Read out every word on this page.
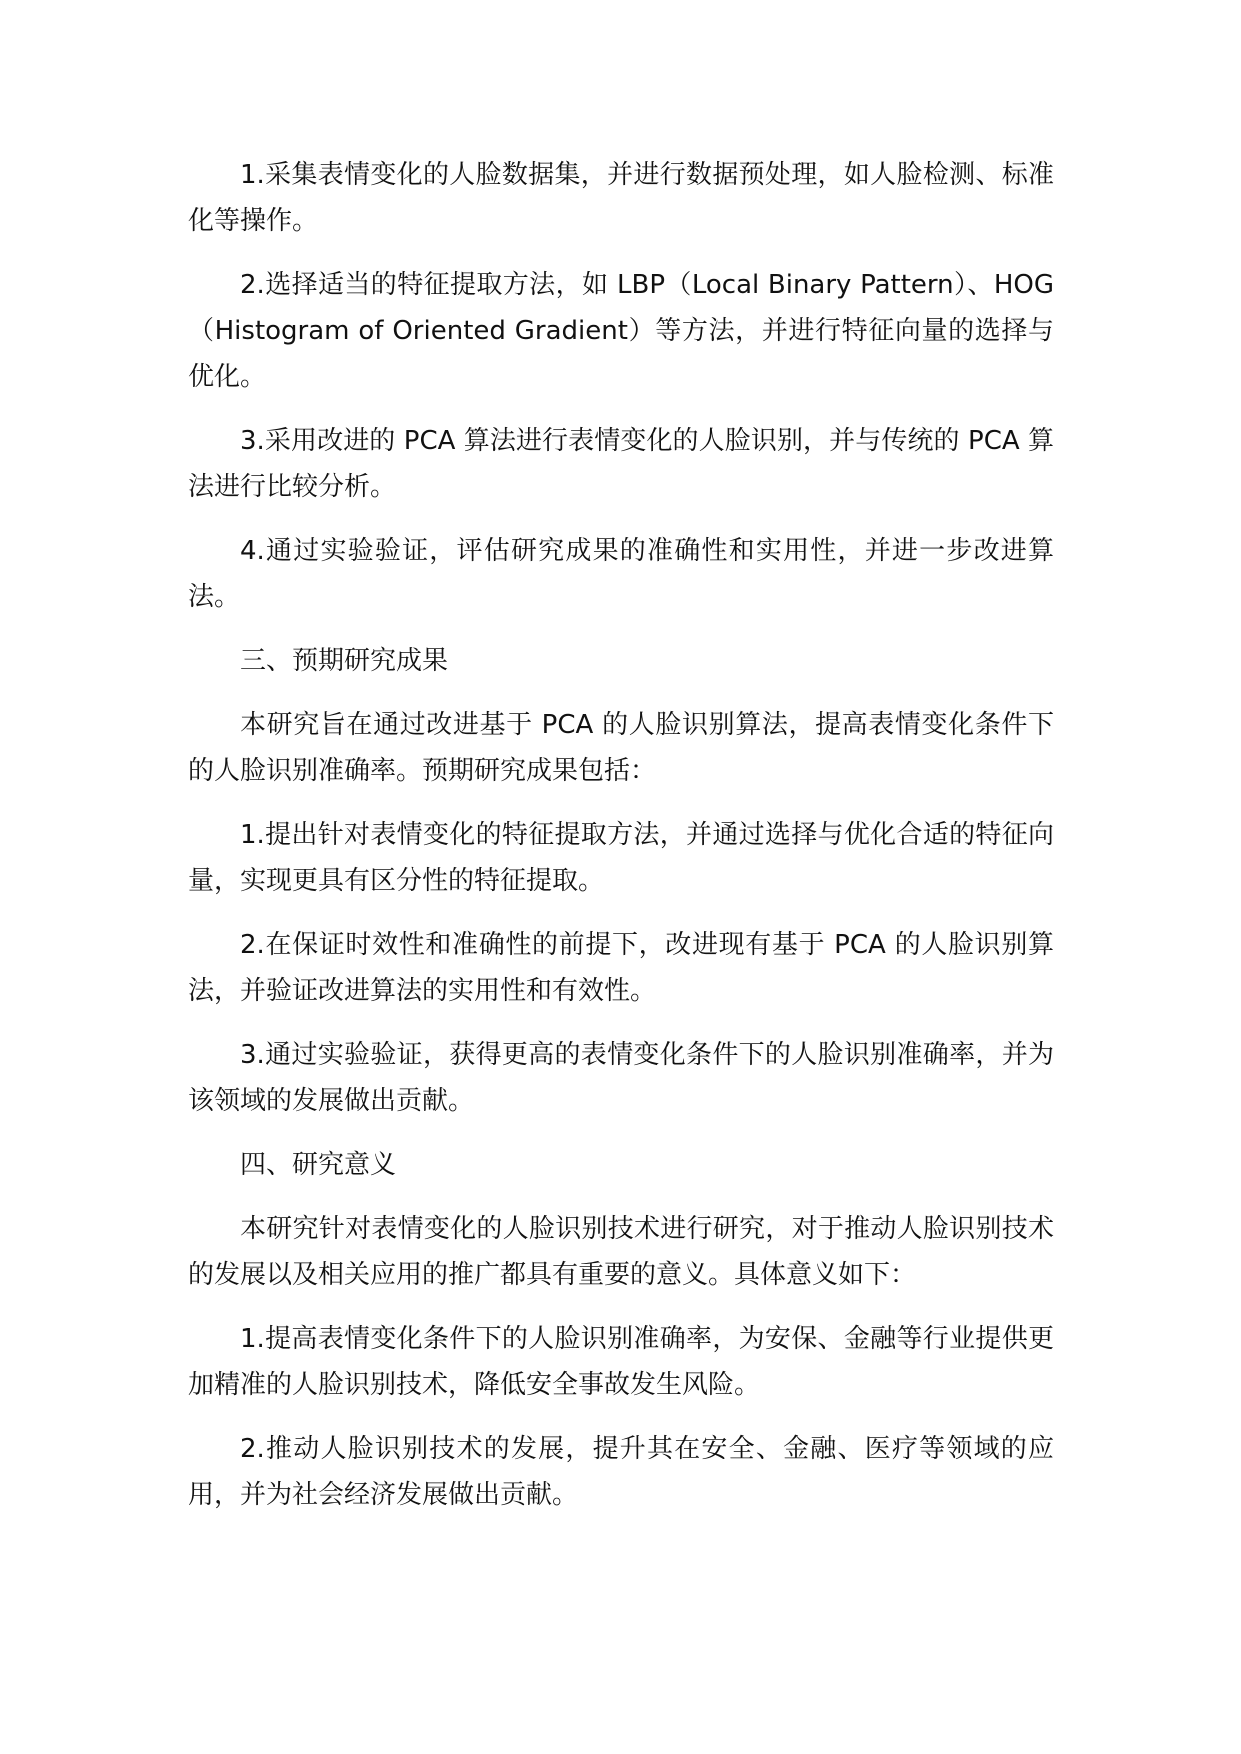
1.采集表情变化的人脸数据集，并进行数据预处理，如人脸检测、标准化等操作。

2.选择适当的特征提取方法，如 LBP（Local Binary Pattern）、HOG（Histogram of Oriented Gradient）等方法，并进行特征向量的选择与优化。

3.采用改进的 PCA 算法进行表情变化的人脸识别，并与传统的 PCA 算法进行比较分析。

4.通过实验验证，评估研究成果的准确性和实用性，并进一步改进算法。

三、预期研究成果

本研究旨在通过改进基于 PCA 的人脸识别算法，提高表情变化条件下的人脸识别准确率。预期研究成果包括：

1.提出针对表情变化的特征提取方法，并通过选择与优化合适的特征向量，实现更具有区分性的特征提取。

2.在保证时效性和准确性的前提下，改进现有基于 PCA 的人脸识别算法，并验证改进算法的实用性和有效性。

3.通过实验验证，获得更高的表情变化条件下的人脸识别准确率，并为该领域的发展做出贡献。

四、研究意义

本研究针对表情变化的人脸识别技术进行研究，对于推动人脸识别技术的发展以及相关应用的推广都具有重要的意义。具体意义如下：

1.提高表情变化条件下的人脸识别准确率，为安保、金融等行业提供更加精准的人脸识别技术，降低安全事故发生风险。

2.推动人脸识别技术的发展，提升其在安全、金融、医疗等领域的应用，并为社会经济发展做出贡献。
